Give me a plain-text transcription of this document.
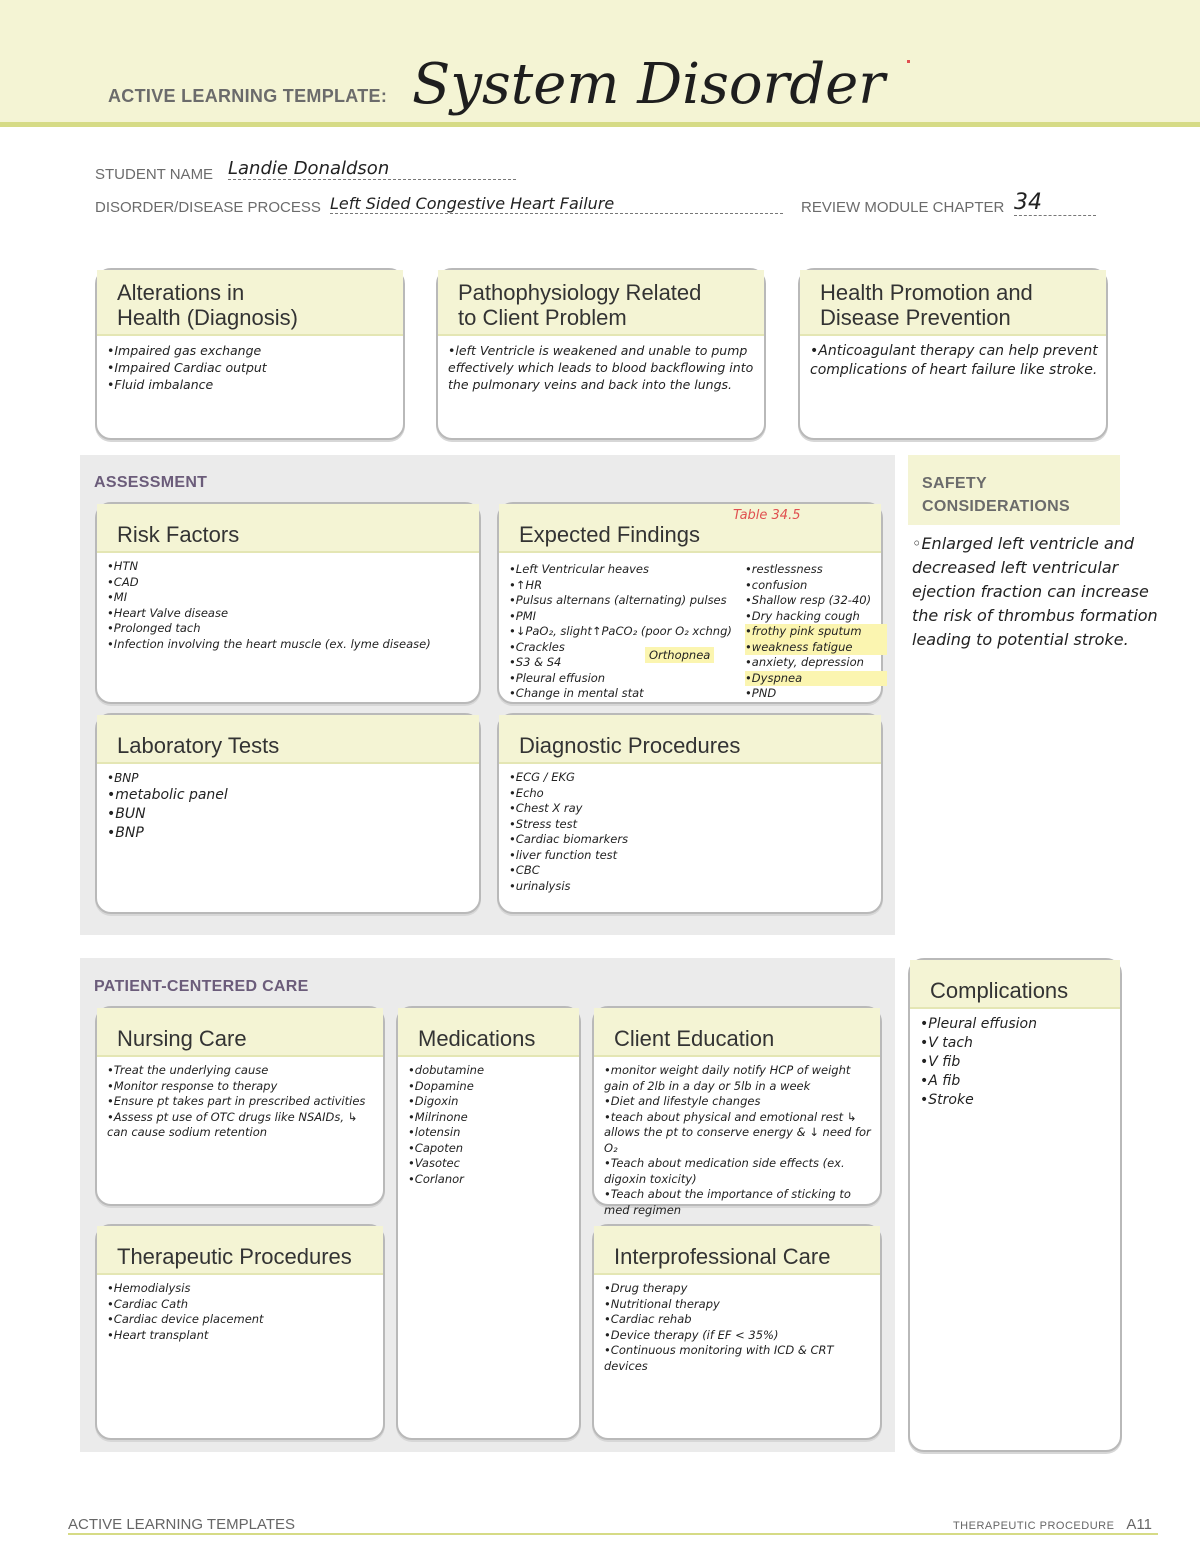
ACTIVE LEARNING TEMPLATE: System Disorder
STUDENT NAME Landie Donaldson
DISORDER/DISEASE PROCESS Left Sided Congestive Heart Failure	REVIEW MODULE CHAPTER 34
Alterations in
Health (Diagnosis)
• Impaired gas exchange
• Impaired Cardiac output
• Fluid imbalance
Pathophysiology Related
to Client Problem
• left Ventricle is weakened and unable to pump effectively which leads to blood backflowing into the pulmonary veins and back into the lungs.
Health Promotion and
Disease Prevention
• Anticoagulant therapy can help prevent complications of heart failure like stroke.
ASSESSMENT
Risk Factors
• HTN
• CAD
• MI
• Heart Valve disease
• Prolonged tach
• Infection involving the heart muscle (ex. lyme disease)
Expected Findings
Table 34.5
• Left Ventricular heaves
• ↑HR
• Pulsus alternans (alternating) pulses
• PMI
• ↓PaO₂, slight↑PaCO₂ (poor O₂ xchng)
• Crackles
• S3 & S4
• Pleural effusion
• Change in mental stat
Orthopnea
• restlessness
• confusion
• Shallow resp (32-40)
• Dry hacking cough
• frothy pink sputum
• weakness fatigue
• anxiety, depression
• Dyspnea
• PND
Laboratory Tests
• BNP
• metabolic panel
• BUN
• BNP
Diagnostic Procedures
• ECG / EKG
• Echo
• Chest X ray
• Stress test
• Cardiac biomarkers
• liver function test
• CBC
• urinalysis
SAFETY
CONSIDERATIONS
◦Enlarged left ventricle and decreased left ventricular ejection fraction can increase the risk of thrombus formation leading to potential stroke.
PATIENT-CENTERED CARE
Nursing Care
• Treat the underlying cause
• Monitor response to therapy
• Ensure pt takes part in prescribed activities
• Assess pt use of OTC drugs like NSAIDs, ↳ can cause sodium retention
Medications
• dobutamine
• Dopamine
• Digoxin
• Milrinone
• lotensin
• Capoten
• Vasotec
• Corlanor
Client Education
• monitor weight daily notify HCP of weight gain of 2lb in a day or 5lb in a week
• Diet and lifestyle changes
• teach about physical and emotional rest ↳ allows the pt to conserve energy & ↓ need for O₂
• Teach about medication side effects (ex. digoxin toxicity)
• Teach about the importance of sticking to med regimen
Therapeutic Procedures
• Hemodialysis
• Cardiac Cath
• Cardiac device placement
• Heart transplant
Interprofessional Care
• Drug therapy
• Nutritional therapy
• Cardiac rehab
• Device therapy (if EF < 35%)
• Continuous monitoring with ICD & CRT devices
Complications
• Pleural effusion
• V tach
• V fib
• A fib
• Stroke
ACTIVE LEARNING TEMPLATES	THERAPEUTIC PROCEDURE A11
